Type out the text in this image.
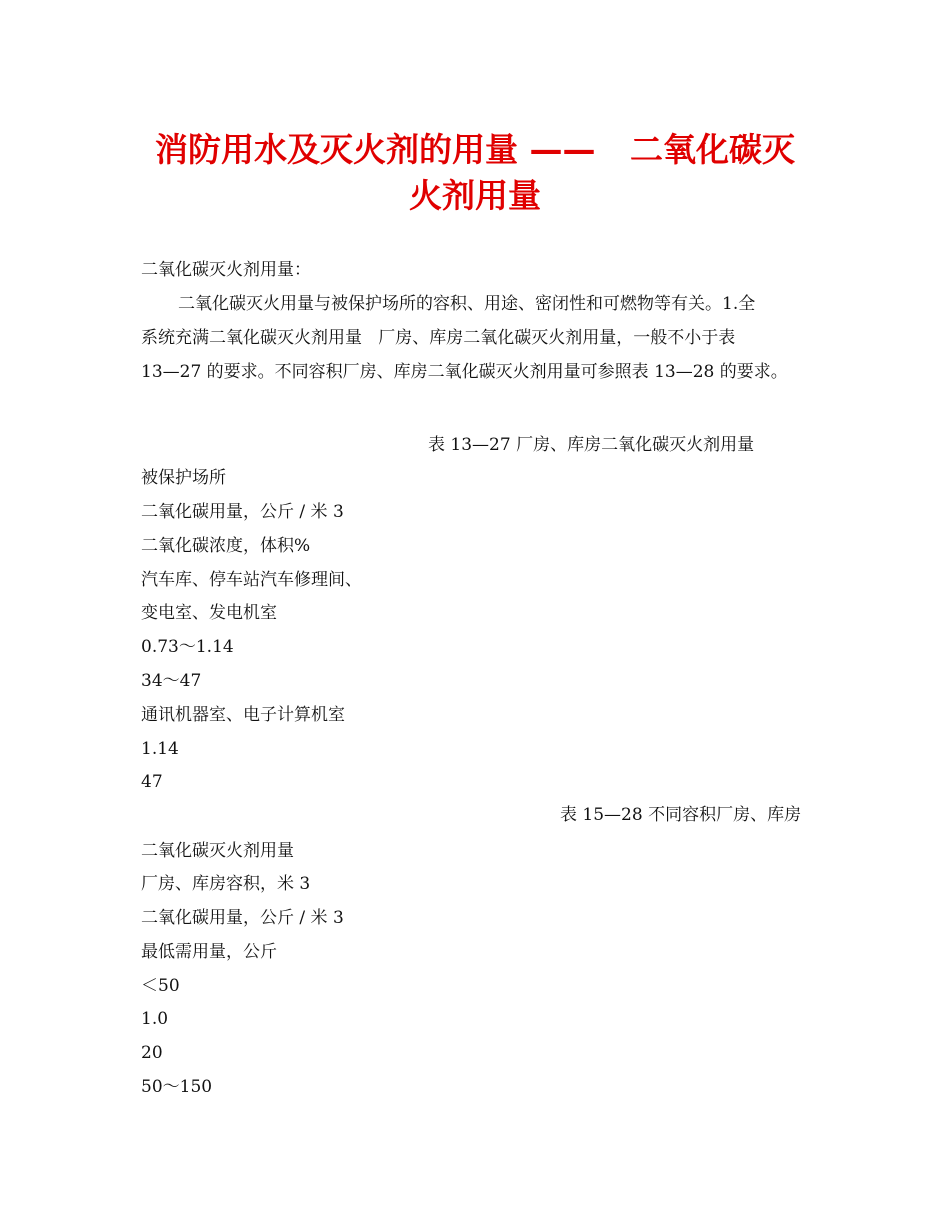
消防用水及灭火剂的用量 ——   二氧化碳灭
火剂用量
二氧化碳灭火剂用量：
二氧化碳灭火用量与被保护场所的容积、用途、密闭性和可燃物等有关。1.全
系统充满二氧化碳灭火剂用量   厂房、库房二氧化碳灭火剂用量，一般不小于表
13—27 的要求。不同容积厂房、库房二氧化碳灭火剂用量可参照表 13—28 的要求。
表 13—27 厂房、库房二氧化碳灭火剂用量
被保护场所
二氧化碳用量，公斤 / 米 3
二氧化碳浓度，体积%
汽车库、停车站汽车修理间、
变电室、发电机室
0.73～1.14
34～47
通讯机器室、电子计算机室
1.14
47
表 15—28 不同容积厂房、库房
二氧化碳灭火剂用量
厂房、库房容积，米 3
二氧化碳用量，公斤 / 米 3
最低需用量，公斤
＜50
1.0
20
50～150
